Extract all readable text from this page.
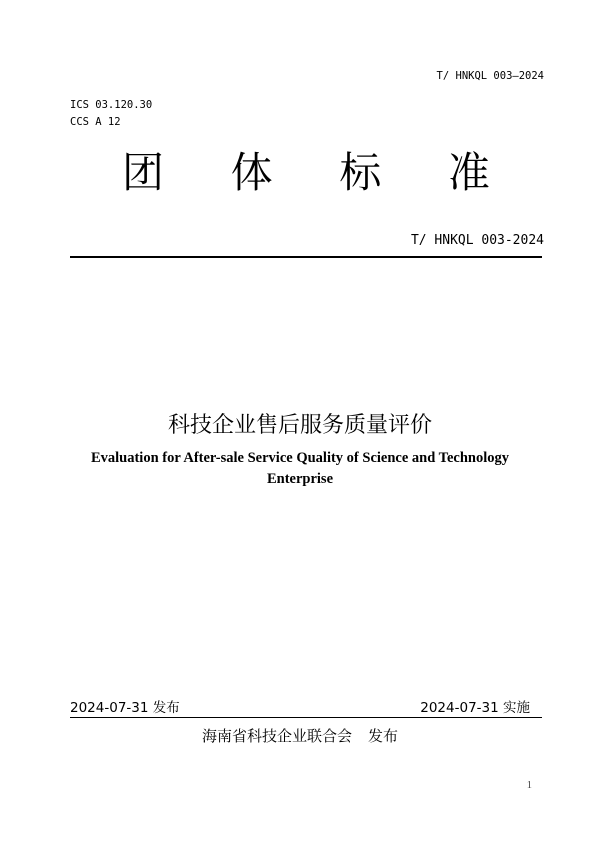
T/ HNKQL 003—2024
ICS 03.120.30
CCS A 12
团 体 标 准
T/ HNKQL 003-2024
科技企业售后服务质量评价
Evaluation for After-sale Service Quality of Science and Technology
Enterprise
2024-07-31 发布	2024-07-31 实施
海南省科技企业联合会 发布
1
